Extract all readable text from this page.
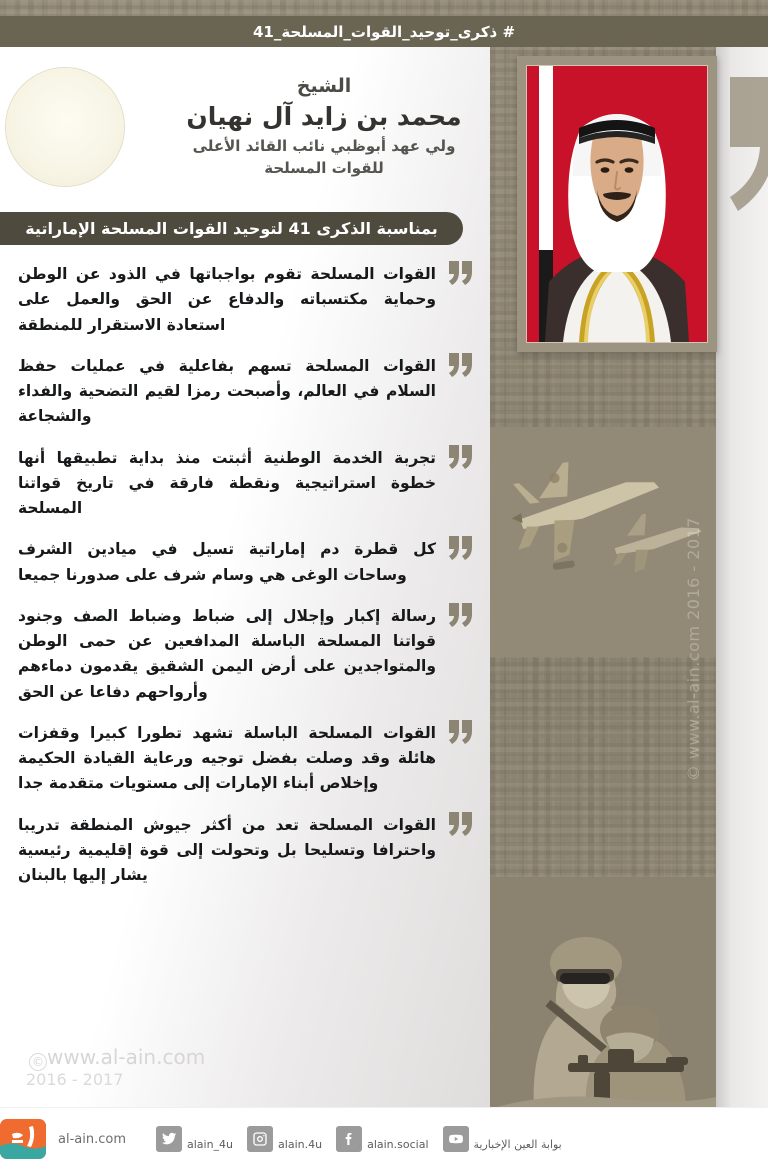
© www.al-ain.com 2016 - 2017
# ذكرى_توحيد_القوات_المسلحة_41
الشيخ
محمد بن زايد آل نهيان
ولي عهد أبوظبي نائب القائد الأعلى
للقوات المسلحة
بمناسبة الذكرى 41 لتوحيد القوات المسلحة الإماراتية

القوات المسلحة تقوم بواجباتها في الذود عن الوطن وحماية مكتسباته والدفاع عن الحق والعمل على استعادة الاستقرار للمنطقة

القوات المسلحة تسهم بفاعلية في عمليات حفظ السلام في العالم، وأصبحت رمزا لقيم التضحية والفداء والشجاعة

تجربة الخدمة الوطنية أثبتت منذ بداية تطبيقها أنها خطوة استراتيجية ونقطة فارقة في تاريخ قواتنا المسلحة

كل قطرة دم إماراتية تسيل في ميادين الشرف وساحات الوغى هي وسام شرف على صدورنا جميعا

رسالة إكبار وإجلال إلى ضباط وضباط الصف وجنود قواتنا المسلحة الباسلة المدافعين عن حمى الوطن والمتواجدين على أرض اليمن الشقيق يقدمون دماءهم وأرواحهم دفاعا عن الحق

القوات المسلحة الباسلة تشهد تطورا كبيرا وقفزات هائلة وقد وصلت بفضل توجيه ورعاية القيادة الحكيمة وإخلاص أبناء الإمارات إلى مستويات متقدمة جدا

القوات المسلحة تعد من أكثر جيوش المنطقة تدريبا واحترافا وتسليحا بل وتحولت إلى قوة إقليمية رئيسية يشار إليها بالبنان

© www.al-ain.com
2016 - 2017
alain_4u	alain.4u	alain.social	بوابة العين الإخبارية
al-ain.com
